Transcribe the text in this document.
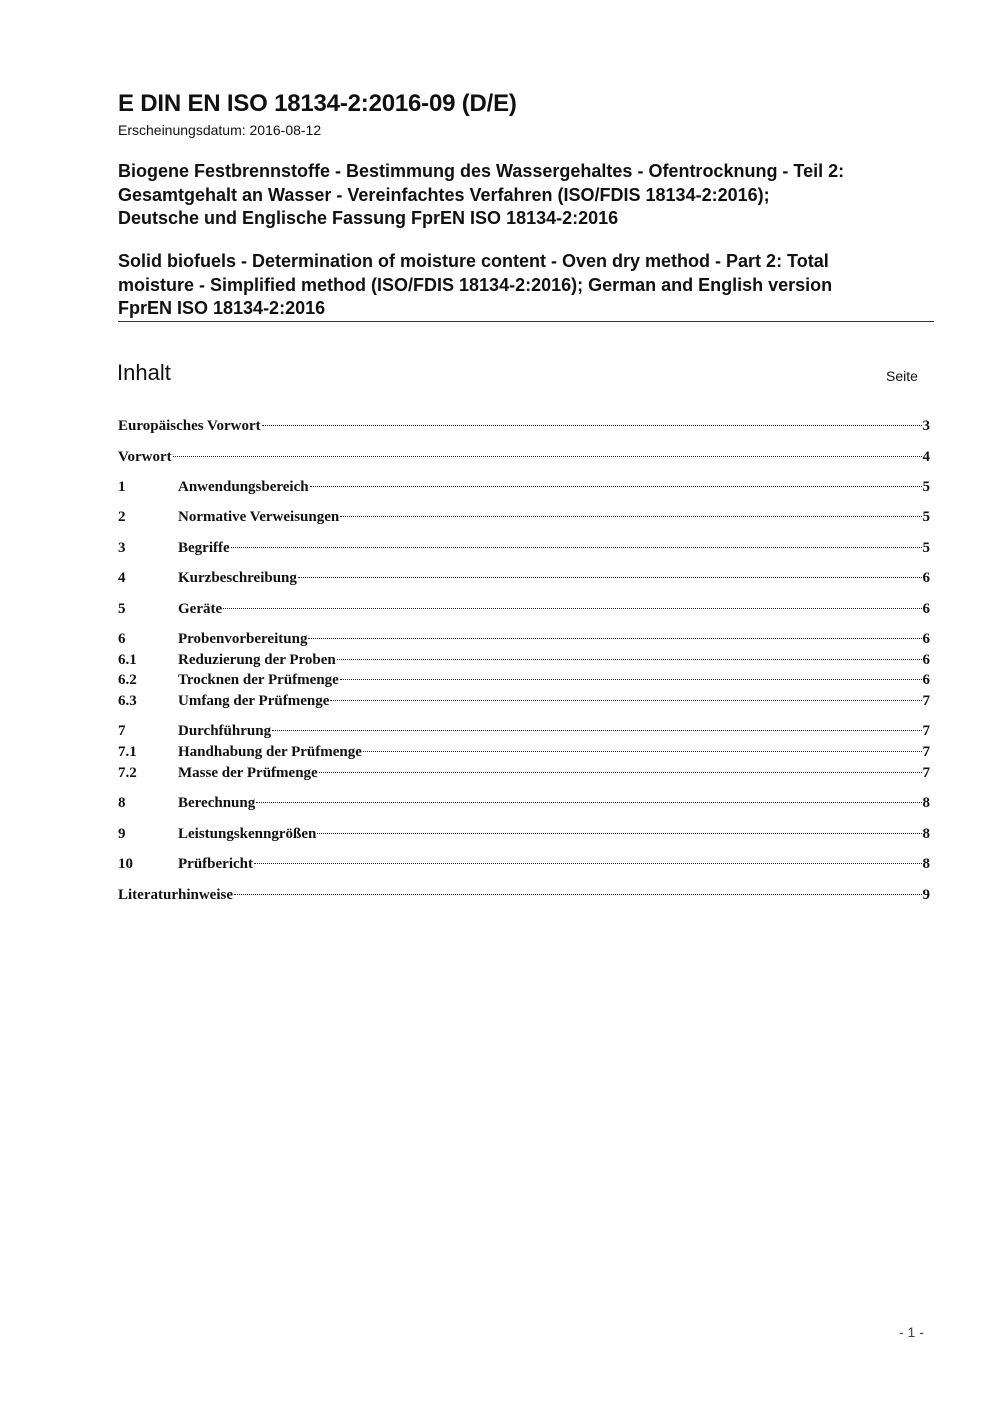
E DIN EN ISO 18134-2:2016-09 (D/E)
Erscheinungsdatum: 2016-08-12
Biogene Festbrennstoffe - Bestimmung des Wassergehaltes - Ofentrocknung - Teil 2:
Gesamtgehalt an Wasser - Vereinfachtes Verfahren (ISO/FDIS 18134-2:2016);
Deutsche und Englische Fassung FprEN ISO 18134-2:2016
Solid biofuels - Determination of moisture content - Oven dry method - Part 2: Total
moisture - Simplified method (ISO/FDIS 18134-2:2016); German and English version
FprEN ISO 18134-2:2016
Inhalt	Seite
Europäisches Vorwort	3
Vorwort	4
1	Anwendungsbereich	5
2	Normative Verweisungen	5
3	Begriffe	5
4	Kurzbeschreibung	6
5	Geräte	6
6	Probenvorbereitung	6
6.1	Reduzierung der Proben	6
6.2	Trocknen der Prüfmenge	6
6.3	Umfang der Prüfmenge	7
7	Durchführung	7
7.1	Handhabung der Prüfmenge	7
7.2	Masse der Prüfmenge	7
8	Berechnung	8
9	Leistungskenngrößen	8
10	Prüfbericht	8
Literaturhinweise	9
- 1 -
